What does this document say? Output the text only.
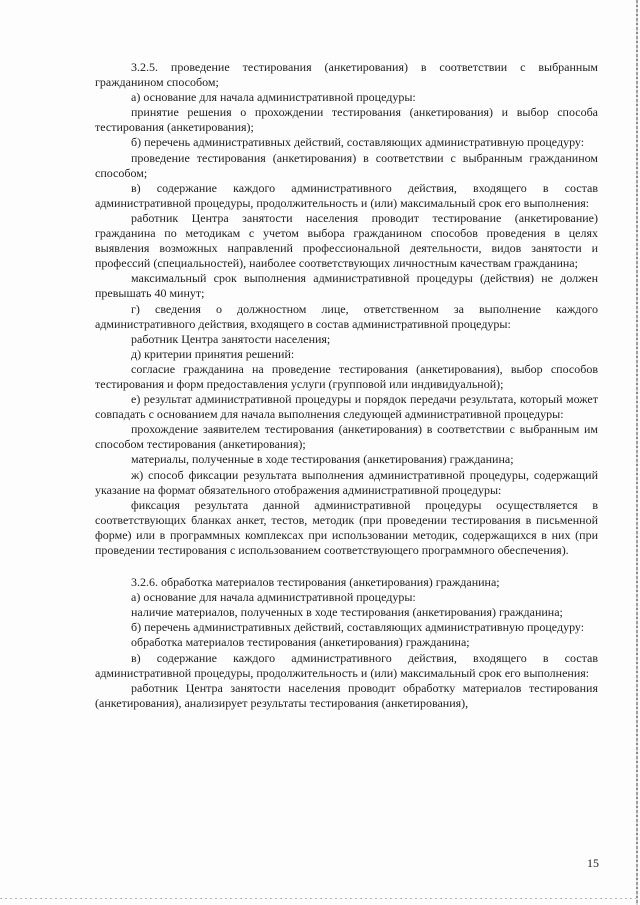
3.2.5. проведение тестирования (анкетирования) в соответствии с выбранным гражданином способом;

а) основание для начала административной процедуры:

принятие решения о прохождении тестирования (анкетирования) и выбор способа тестирования (анкетирования);

б) перечень административных действий, составляющих административную процедуру:

проведение тестирования (анкетирования) в соответствии с выбранным гражданином способом;

в) содержание каждого административного действия, входящего в состав административной процедуры, продолжительность и (или) максимальный срок его выполнения:

работник Центра занятости населения проводит тестирование (анкетирование) гражданина по методикам с учетом выбора гражданином способов проведения в целях выявления возможных направлений профессиональной деятельности, видов занятости и профессий (специальностей), наиболее соответствующих личностным качествам гражданина;

максимальный срок выполнения административной процедуры (действия) не должен превышать 40 минут;

г) сведения о должностном лице, ответственном за выполнение каждого административного действия, входящего в состав административной процедуры:

работник Центра занятости населения;

д) критерии принятия решений:

согласие гражданина на проведение тестирования (анкетирования), выбор способов тестирования и форм предоставления услуги (групповой или индивидуальной);

е) результат административной процедуры и порядок передачи результата, который может совпадать с основанием для начала выполнения следующей административной процедуры:

прохождение заявителем тестирования (анкетирования) в соответствии с выбранным им способом тестирования (анкетирования);

материалы, полученные в ходе тестирования (анкетирования) гражданина;

ж) способ фиксации результата выполнения административной процедуры, содержащий указание на формат обязательного отображения административной процедуры:

фиксация результата данной административной процедуры осуществляется в соответствующих бланках анкет, тестов, методик (при проведении тестирования в письменной форме) или в программных комплексах при использовании методик, содержащихся в них (при проведении тестирования с использованием соответствующего программного обеспечения).

3.2.6. обработка материалов тестирования (анкетирования) гражданина;

а) основание для начала административной процедуры:

наличие материалов, полученных в ходе тестирования (анкетирования) гражданина;

б) перечень административных действий, составляющих административную процедуру:

обработка материалов тестирования (анкетирования) гражданина;

в) содержание каждого административного действия, входящего в состав административной процедуры, продолжительность и (или) максимальный срок его выполнения:

работник Центра занятости населения проводит обработку материалов тестирования (анкетирования), анализирует результаты тестирования (анкетирования),

15
